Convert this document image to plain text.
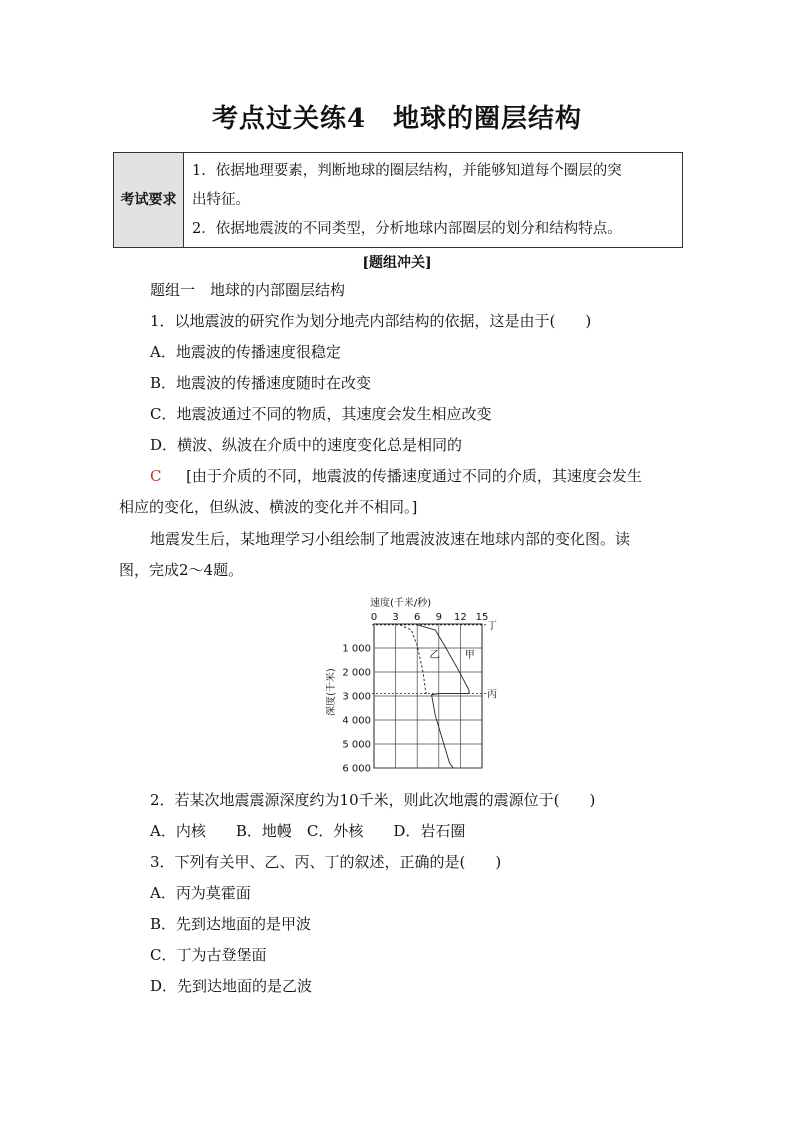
考点过关练4　地球的圈层结构
考试要求
1．依据地理要素，判断地球的圈层结构，并能够知道每个圈层的突
出特征。
2．依据地震波的不同类型，分析地球内部圈层的划分和结构特点。
[题组冲关]
题组一　地球的内部圈层结构
1．以地震波的研究作为划分地壳内部结构的依据，这是由于(　　)
A．地震波的传播速度很稳定
B．地震波的传播速度随时在改变
C．地震波通过不同的物质，其速度会发生相应改变
D．横波、纵波在介质中的速度变化总是相同的
C 　 [由于介质的不同，地震波的传播速度通过不同的介质，其速度会发生
相应的变化，但纵波、横波的变化并不相同。]
地震发生后，某地理学习小组绘制了地震波波速在地球内部的变化图。读
图，完成2～4题。
速度(千米/秒)
0 3 6 9 12 15
1 000
2 000
3 000
4 000
5 000
6 000
乙	甲
丙
丁
深度(千米)
2．若某次地震震源深度约为10千米，则此次地震的震源位于(　　)
A．内核　　B．地幔　C．外核　　D．岩石圈
3．下列有关甲、乙、丙、丁的叙述，正确的是(　　)
A．丙为莫霍面
B．先到达地面的是甲波
C．丁为古登堡面
D．先到达地面的是乙波
